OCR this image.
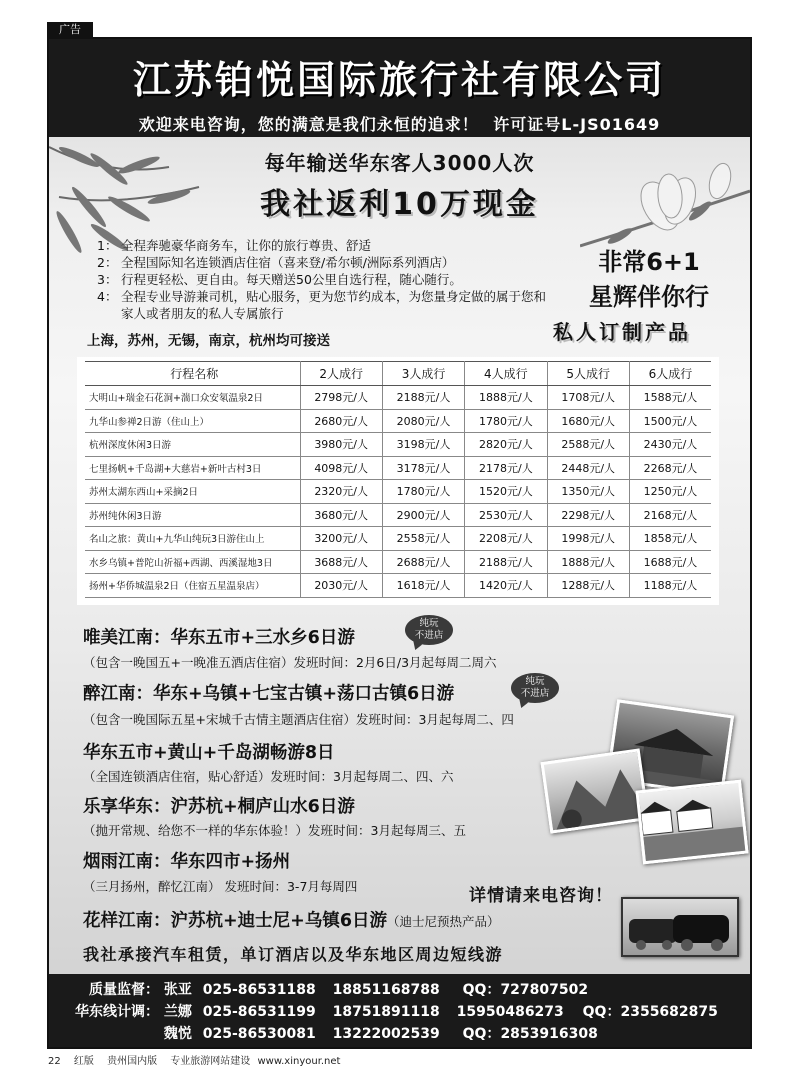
广告
江苏铂悦国际旅行社有限公司
欢迎来电咨询，您的满意是我们永恒的追求！ 许可证号L-JS01649
每年输送华东客人3000人次
我社返利10万现金
1： 全程奔驰豪华商务车，让你的旅行尊贵、舒适
2： 全程国际知名连锁酒店住宿（喜来登/希尔顿/洲际系列酒店）
3： 行程更轻松、更自由。每天赠送50公里自选行程，随心随行。
4： 全程专业导游兼司机，贴心服务，更为您节约成本，为您量身定做的属于您和家人或者朋友的私人专属旅行
上海，苏州，无锡，南京，杭州均可接送
非常6+1
星辉伴你行
私人订制产品
行程名称	2人成行	3人成行	4人成行	5人成行	6人成行
大明山+瑞金石花洞+湍口众安氡温泉2日	2798元/人	2188元/人	1888元/人	1708元/人	1588元/人
九华山参禅2日游（住山上）	2680元/人	2080元/人	1780元/人	1680元/人	1500元/人
杭州深度休闲3日游	3980元/人	3198元/人	2820元/人	2588元/人	2430元/人
七里扬帆+千岛湖+大慈岩+新叶古村3日	4098元/人	3178元/人	2178元/人	2448元/人	2268元/人
苏州太湖东西山+采摘2日	2320元/人	1780元/人	1520元/人	1350元/人	1250元/人
苏州纯休闲3日游	3680元/人	2900元/人	2530元/人	2298元/人	2168元/人
名山之旅：黄山+九华山纯玩3日游住山上	3200元/人	2558元/人	2208元/人	1998元/人	1858元/人
水乡乌镇+普陀山祈福+西湖、西溪湿地3日	3688元/人	2688元/人	2188元/人	1888元/人	1688元/人
扬州+华侨城温泉2日（住宿五星温泉店）	2030元/人	1618元/人	1420元/人	1288元/人	1188元/人
唯美江南：华东五市+三水乡6日游
纯玩
不进店
（包含一晚国五+一晚准五酒店住宿）发班时间：2月6日/3月起每周二周六
醉江南：华东+乌镇+七宝古镇+荡口古镇6日游
纯玩
不进店
（包含一晚国际五星+宋城千古情主题酒店住宿）发班时间：3月起每周二、四
华东五市+黄山+千岛湖畅游8日
（全国连锁酒店住宿，贴心舒适）发班时间：3月起每周二、四、六
乐享华东：沪苏杭+桐庐山水6日游
（抛开常规、给您不一样的华东体验！）发班时间：3月起每周三、五
烟雨江南：华东四市+扬州
（三月扬州，醉忆江南） 发班时间：3-7月每周四
花样江南：沪苏杭+迪士尼+乌镇6日游（迪士尼预热产品）
详情请来电咨询！
我社承接汽车租赁，单订酒店以及华东地区周边短线游
质量监督： 张亚 025-86531188 18851168788 QQ：727807502
华东线计调： 兰娜 025-86531199 18751891118 15950486273 QQ：2355682875
魏悦 025-86530081 13222002539 QQ：2853916308
22 红版 贵州国内版 专业旅游网站建设 www.xinyour.net
